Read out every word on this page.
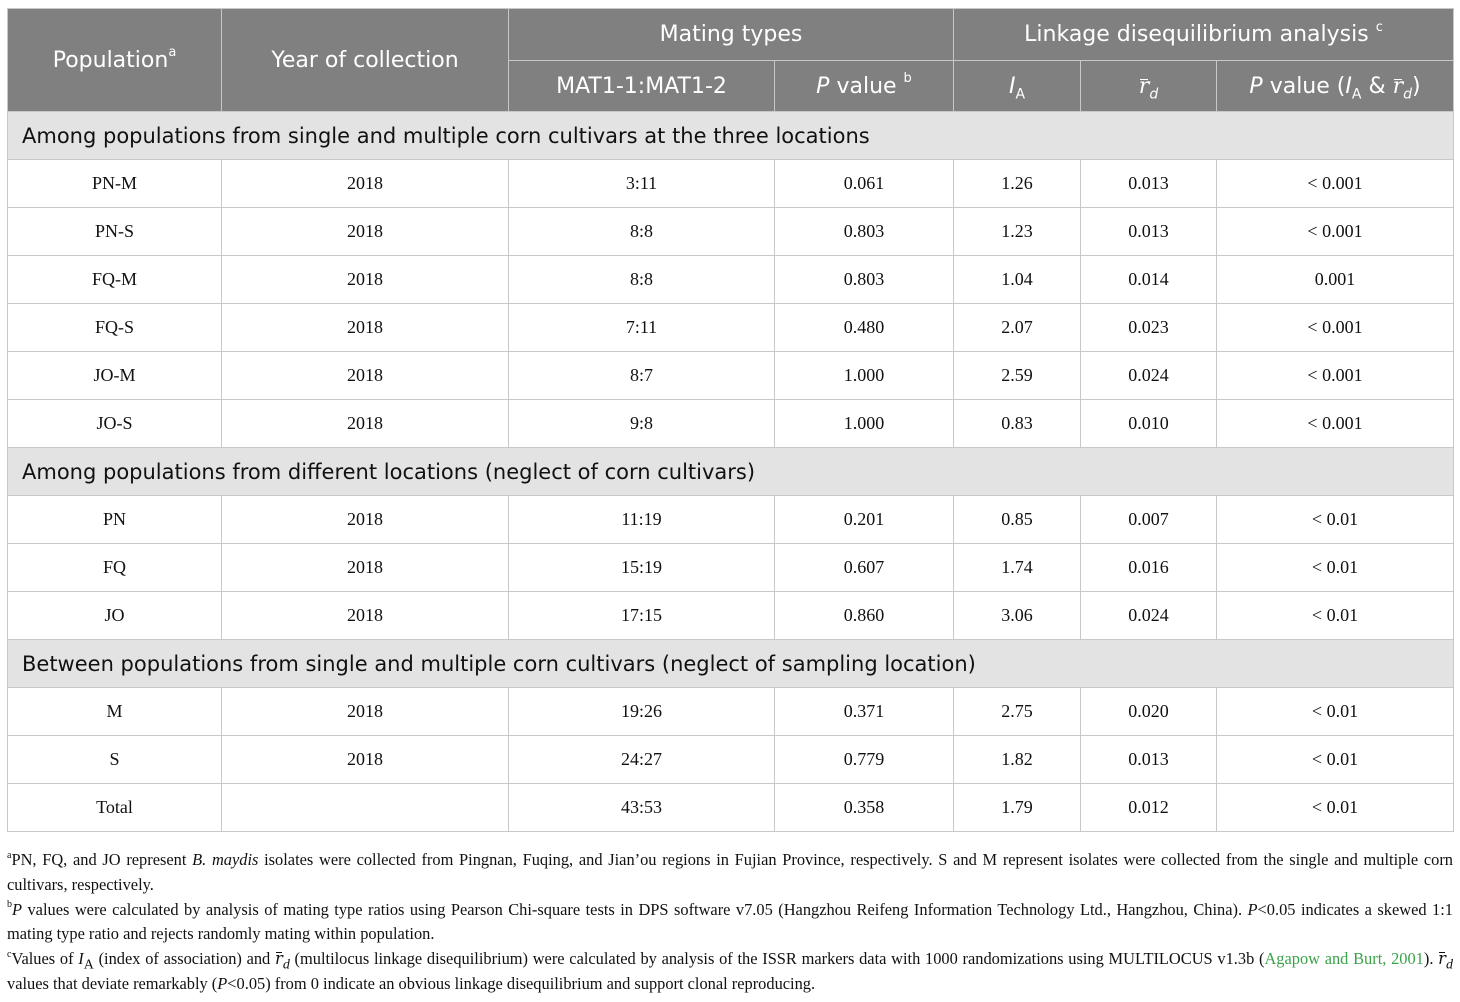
Population$^a$	Year of collection	Mating types		Linkage disequilibrium analysis $^c$
		MAT1-1:MAT1-2	P value $^b$	$I_A$	$r_d$	P value ($I_A$ & $r_d$)
Among populations from single and multiple corn cultivars at the three locations						
PN-M	2018	3:11	0.061	1.26	0.013	< 0.001
PN-S	2018	8:8	0.803	1.23	0.013	< 0.001
FQ-M	2018	8:8	0.803	1.04	0.014	0.001
FQ-S	2018	7:11	0.480	2.07	0.023	< 0.001
JO-M	2018	8:7	1.000	2.59	0.024	< 0.001
JO-S	2018	9:8	1.000	0.83	0.010	< 0.001
Among populations from different locations (neglect of corn cultivars)						
PN	2018	11:19	0.201	0.85	0.007	< 0.01
FQ	2018	15:19	0.607	1.74	0.016	< 0.01
JO	2018	17:15	0.860	3.06	0.024	< 0.01
Between populations from single and multiple corn cultivars (neglect of sampling location)						
M	2018	19:26	0.371	2.75	0.020	< 0.01
S	2018	24:27	0.779	1.82	0.013	< 0.01
Total		43:53	0.358	1.79	0.012	< 0.01

$^a$PN, FQ, and JO represent B. maydis isolates were collected from Pingnan, Fuqing, and Jian’ou regions in Fujian Province, respectively. S and M represent isolates were collected from the single and multiple corn cultivars, respectively.

$^b$P values were calculated by analysis of mating type ratios using Pearson Chi-square tests in DPS software v7.05 (Hangzhou Reifeng Information Technology Ltd., Hangzhou, China). P<0.05 indicates a skewed 1:1 mating type ratio and rejects randomly mating within population.

$^c$Values of $I_A$ (index of association) and $r_d$ (multilocus linkage disequilibrium) were calculated by analysis of the ISSR markers data with 1000 randomizations using MULTILOCUS v1.3b (Agapow and Burt, 2001). $r_d$ values that deviate remarkably (P<0.05) from 0 indicate an obvious linkage disequilibrium and support clonal reproducing.
